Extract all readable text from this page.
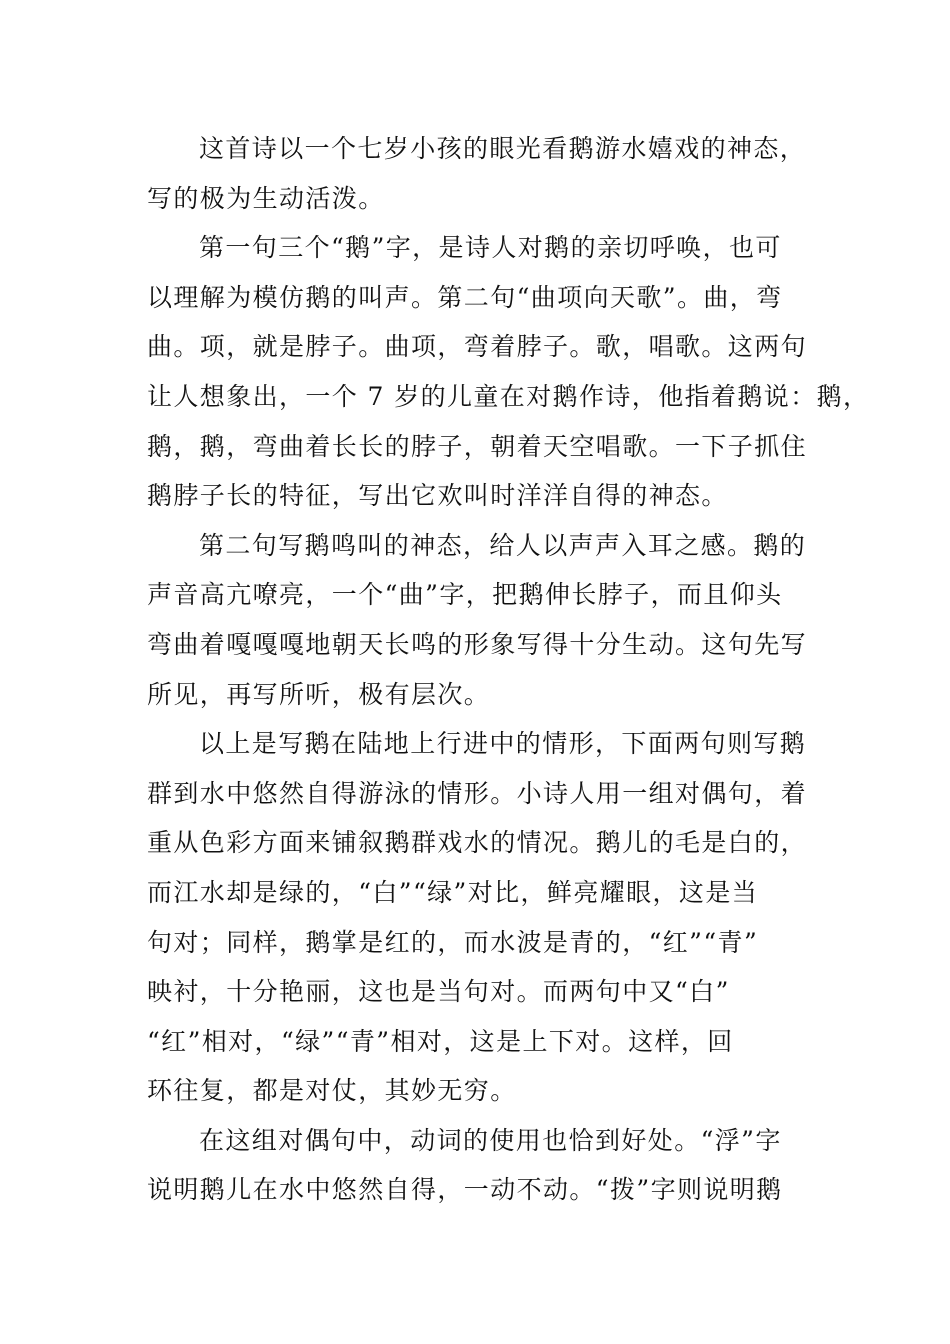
这首诗以一个七岁小孩的眼光看鹅游水嬉戏的神态，
写的极为生动活泼。
第一句三个“鹅”字，是诗人对鹅的亲切呼唤，也可
以理解为模仿鹅的叫声。第二句“曲项向天歌”。曲，弯
曲。项，就是脖子。曲项，弯着脖子。歌，唱歌。这两句
让人想象出，一个 7 岁的儿童在对鹅作诗，他指着鹅说：鹅，
鹅，鹅，弯曲着长长的脖子，朝着天空唱歌。一下子抓住
鹅脖子长的特征，写出它欢叫时洋洋自得的神态。
第二句写鹅鸣叫的神态，给人以声声入耳之感。鹅的
声音高亢嘹亮，一个“曲”字，把鹅伸长脖子，而且仰头
弯曲着嘎嘎嘎地朝天长鸣的形象写得十分生动。这句先写
所见，再写所听，极有层次。
以上是写鹅在陆地上行进中的情形，下面两句则写鹅
群到水中悠然自得游泳的情形。小诗人用一组对偶句，着
重从色彩方面来铺叙鹅群戏水的情况。鹅儿的毛是白的，
而江水却是绿的，“白”“绿”对比，鲜亮耀眼，这是当
句对；同样，鹅掌是红的，而水波是青的，“红”“青”
映衬，十分艳丽，这也是当句对。而两句中又“白”
“红”相对，“绿”“青”相对，这是上下对。这样，回
环往复，都是对仗，其妙无穷。
在这组对偶句中，动词的使用也恰到好处。“浮”字
说明鹅儿在水中悠然自得，一动不动。“拨”字则说明鹅
